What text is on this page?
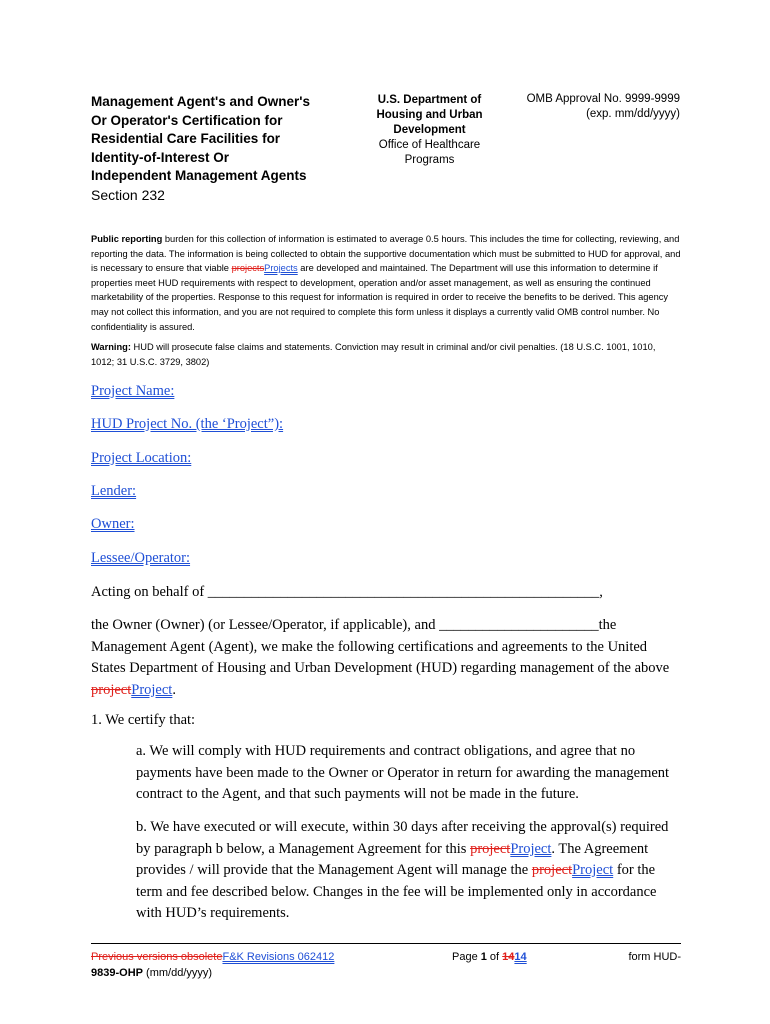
Management Agent's and Owner's
Or Operator's Certification for
Residential Care Facilities for
Identity-of-Interest Or
Independent Management Agents
Section 232
U.S. Department of
Housing and Urban
Development
Office of Healthcare
Programs
OMB Approval No. 9999-9999
(exp. mm/dd/yyyy)
Public reporting burden for this collection of information is estimated to average 0.5 hours. This includes the time for collecting, reviewing, and reporting the data. The information is being collected to obtain the supportive documentation which must be submitted to HUD for approval, and is necessary to ensure that viable projectsProjects are developed and maintained. The Department will use this information to determine if properties meet HUD requirements with respect to development, operation and/or asset management, as well as ensuring the continued marketability of the properties. Response to this request for information is required in order to receive the benefits to be derived. This agency may not collect this information, and you are not required to complete this form unless it displays a currently valid OMB control number. No confidentiality is assured.
Warning: HUD will prosecute false claims and statements. Conviction may result in criminal and/or civil penalties. (18 U.S.C. 1001, 1010, 1012; 31 U.S.C. 3729, 3802)
Project Name:
HUD Project No. (the ‘Project”):
Project Location:
Lender:
Owner:
Lessee/Operator:
Acting on behalf of ______________________________________________________,
the Owner (Owner) (or Lessee/Operator, if applicable), and ______________________the Management Agent (Agent), we make the following certifications and agreements to the United States Department of Housing and Urban Development (HUD) regarding management of the above projectProject.
1. We certify that:
a. We will comply with HUD requirements and contract obligations, and agree that no payments have been made to the Owner or Operator in return for awarding the management contract to the Agent, and that such payments will not be made in the future.
b. We have executed or will execute, within 30 days after receiving the approval(s) required by paragraph b below, a Management Agreement for this projectProject. The Agreement provides / will provide that the Management Agent will manage the projectProject for the term and fee described below. Changes in the fee will be implemented only in accordance with HUD’s requirements.
Previous versions obsoleteF&K Revisions 062412
9839-OHP (mm/dd/yyyy)
Page 1 of 1414	form HUD-
